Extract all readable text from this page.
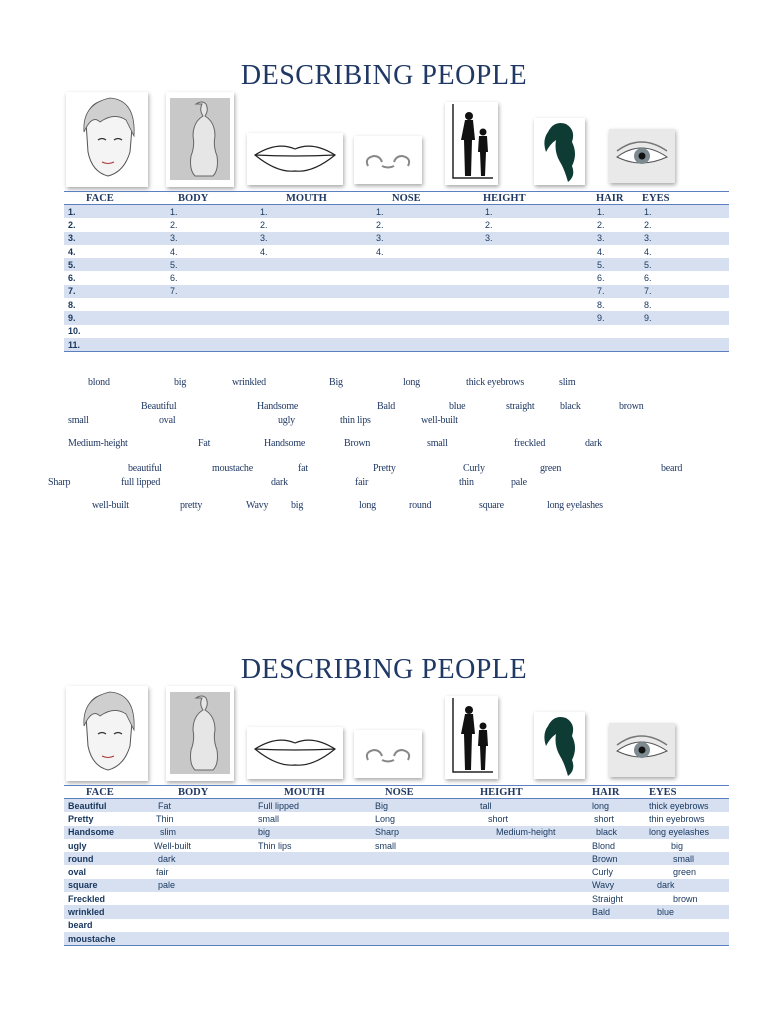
DESCRIBING PEOPLE
FACE	BODY	MOUTH	NOSE	HEIGHT	HAIR	EYES
1.	1.	1.	1.	1.	1.	1.
2.	2.	2.	2.	2.	2.	2.
3.	3.	3.	3.	3.	3.	3.
4.	4.	4.	4.		4.	4.
5.	5.				5.	5.
6.	6.				6.	6.
7.	7.				7.	7.
8.					8.	8.
9.					9.	9.
10.						
11.						
blond	big	wrinkled	Big	long	thick eyebrows	slim
Beautiful	Handsome	Bald	blue	straight	black	brown
small	oval	ugly	thin lips	well-built
Medium-height	Fat	Handsome	Brown	small	freckled	dark
beautiful	moustache	fat	Pretty	Curly	green	beard
Sharp	full lipped	dark	fair	thin	pale
well-built	pretty	Wavy big	long	round	square	long eyelashes
DESCRIBING PEOPLE
FACE	BODY	MOUTH	NOSE	HEIGHT	HAIR	EYES
Beautiful	Fat	Full lipped	Big	tall	long	thick eyebrows
Pretty	Thin	small	Long	short	short	thin eyebrows
Handsome	slim	big	Sharp	Medium-height	black	long eyelashes
ugly	Well-built	Thin lips	small		Blond	big
round	dark				Brown	small
oval	fair				Curly	green
square	pale				Wavy	dark
Freckled					Straight	brown
wrinkled					Bald	blue
beard						
moustache						
